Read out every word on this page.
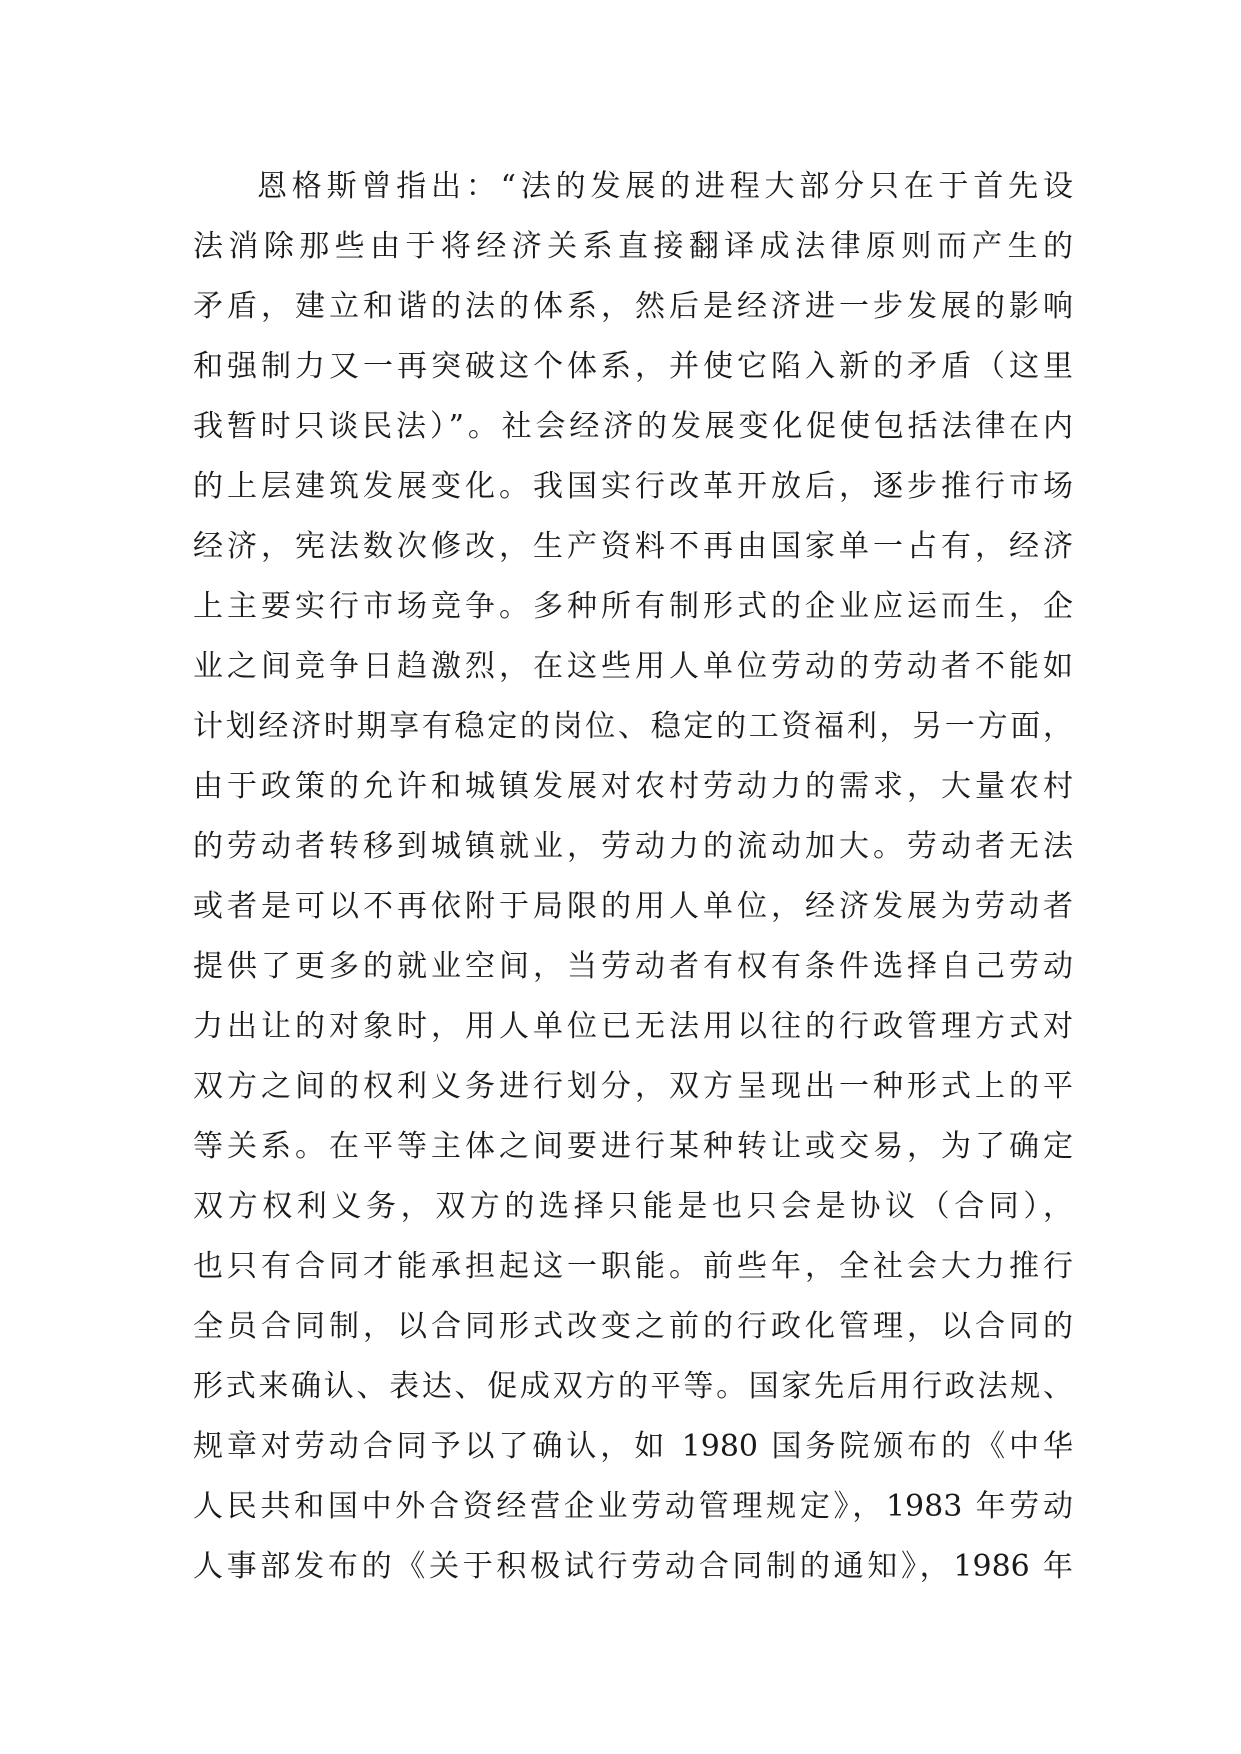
恩格斯曾指出：“法的发展的进程大部分只在于首先设
法消除那些由于将经济关系直接翻译成法律原则而产生的
矛盾，建立和谐的法的体系，然后是经济进一步发展的影响
和强制力又一再突破这个体系，并使它陷入新的矛盾（这里
我暂时只谈民法）”。社会经济的发展变化促使包括法律在内
的上层建筑发展变化。我国实行改革开放后，逐步推行市场
经济，宪法数次修改，生产资料不再由国家单一占有，经济
上主要实行市场竞争。多种所有制形式的企业应运而生，企
业之间竞争日趋激烈，在这些用人单位劳动的劳动者不能如
计划经济时期享有稳定的岗位、稳定的工资福利，另一方面，
由于政策的允许和城镇发展对农村劳动力的需求，大量农村
的劳动者转移到城镇就业，劳动力的流动加大。劳动者无法
或者是可以不再依附于局限的用人单位，经济发展为劳动者
提供了更多的就业空间，当劳动者有权有条件选择自己劳动
力出让的对象时，用人单位已无法用以往的行政管理方式对
双方之间的权利义务进行划分，双方呈现出一种形式上的平
等关系。在平等主体之间要进行某种转让或交易，为了确定
双方权利义务，双方的选择只能是也只会是协议（合同），
也只有合同才能承担起这一职能。前些年，全社会大力推行
全员合同制，以合同形式改变之前的行政化管理，以合同的
形式来确认、表达、促成双方的平等。国家先后用行政法规、
规章对劳动合同予以了确认，如 1980 国务院颁布的《中华
人民共和国中外合资经营企业劳动管理规定》，1983 年劳动
人事部发布的《关于积极试行劳动合同制的通知》，1986 年
